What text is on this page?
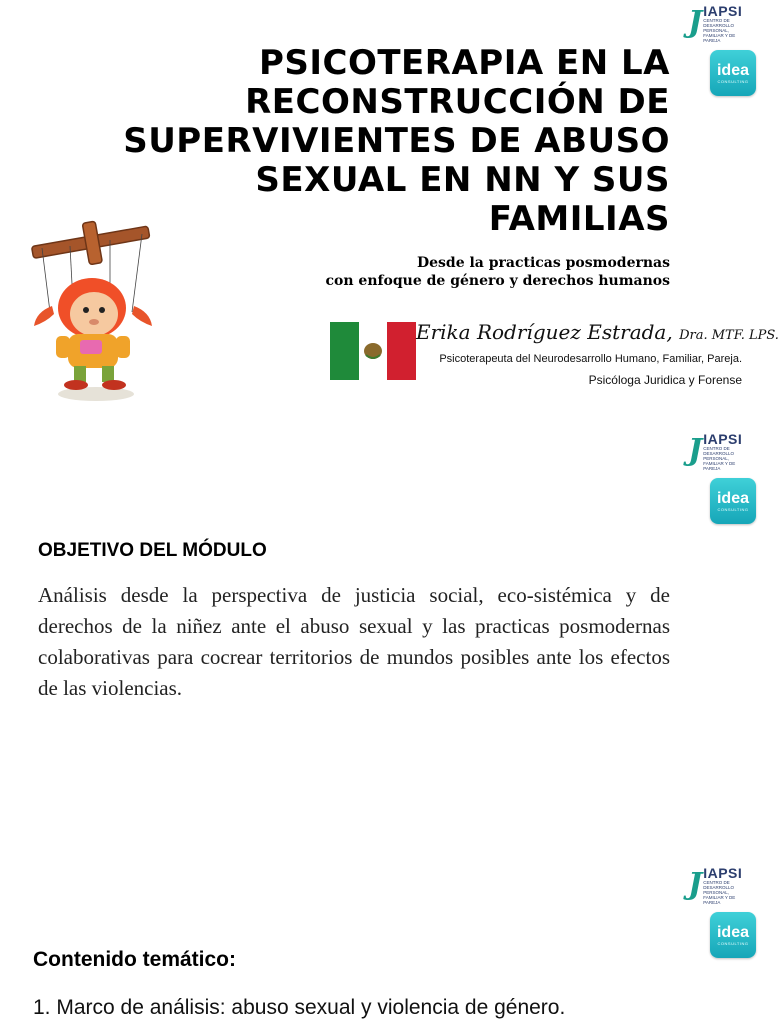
J IAPSI
CENTRO DE DESARROLLO PERSONAL, FAMILIAR Y DE PAREJA
idea
CONSULTING
PSICOTERAPIA EN LA RECONSTRUCCIÓN DE SUPERVIVIENTES DE ABUSO SEXUAL EN NN Y SUS FAMILIAS
Desde la practicas posmodernas
con enfoque de género y derechos humanos
Erika Rodríguez Estrada, Dra. MTF. LPS.
Psicoterapeuta del Neurodesarrollo Humano, Familiar, Pareja.
Psicóloga Juridica y Forense
J IAPSI
CENTRO DE DESARROLLO PERSONAL, FAMILIAR Y DE PAREJA
idea
CONSULTING
OBJETIVO DEL MÓDULO

Análisis desde la perspectiva de justicia social, eco-sistémica y de derechos de la niñez ante el abuso sexual y las practicas posmodernas colaborativas para cocrear territorios de mundos posibles ante los efectos de las violencias.

J IAPSI
CENTRO DE DESARROLLO PERSONAL, FAMILIAR Y DE PAREJA
idea
CONSULTING
Contenido temático:

1. Marco de análisis: abuso sexual y violencia de género.
